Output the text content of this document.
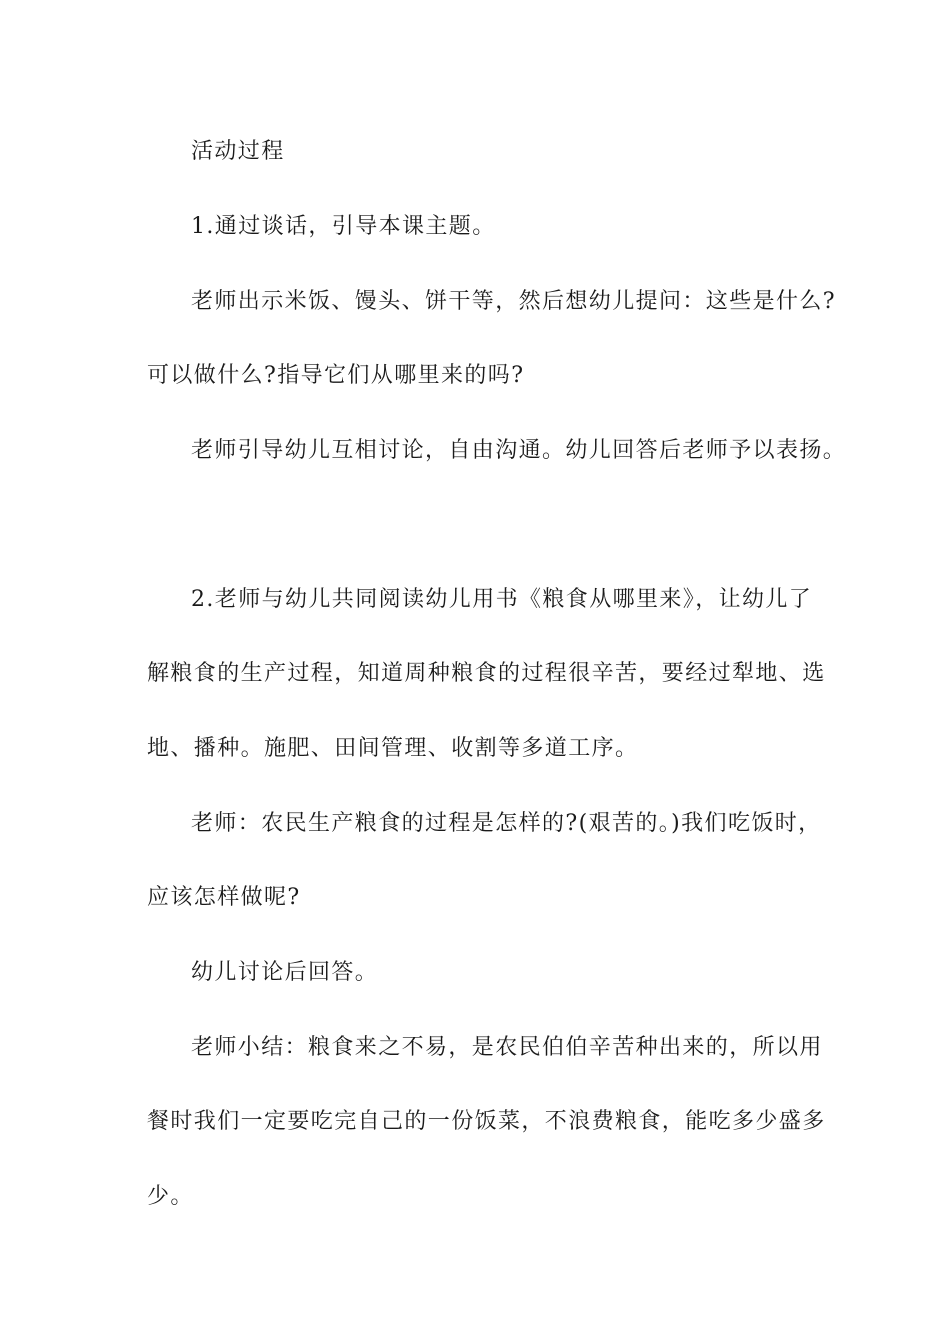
活动过程
1.通过谈话，引导本课主题。
老师出示米饭、馒头、饼干等，然后想幼儿提问：这些是什么?
可以做什么?指导它们从哪里来的吗?
老师引导幼儿互相讨论，自由沟通。幼儿回答后老师予以表扬。
2.老师与幼儿共同阅读幼儿用书《粮食从哪里来》，让幼儿了
解粮食的生产过程，知道周种粮食的过程很辛苦，要经过犁地、选
地、播种。施肥、田间管理、收割等多道工序。
老师：农民生产粮食的过程是怎样的?(艰苦的。)我们吃饭时，
应该怎样做呢?
幼儿讨论后回答。
老师小结：粮食来之不易，是农民伯伯辛苦种出来的，所以用
餐时我们一定要吃完自己的一份饭菜，不浪费粮食，能吃多少盛多
少。
